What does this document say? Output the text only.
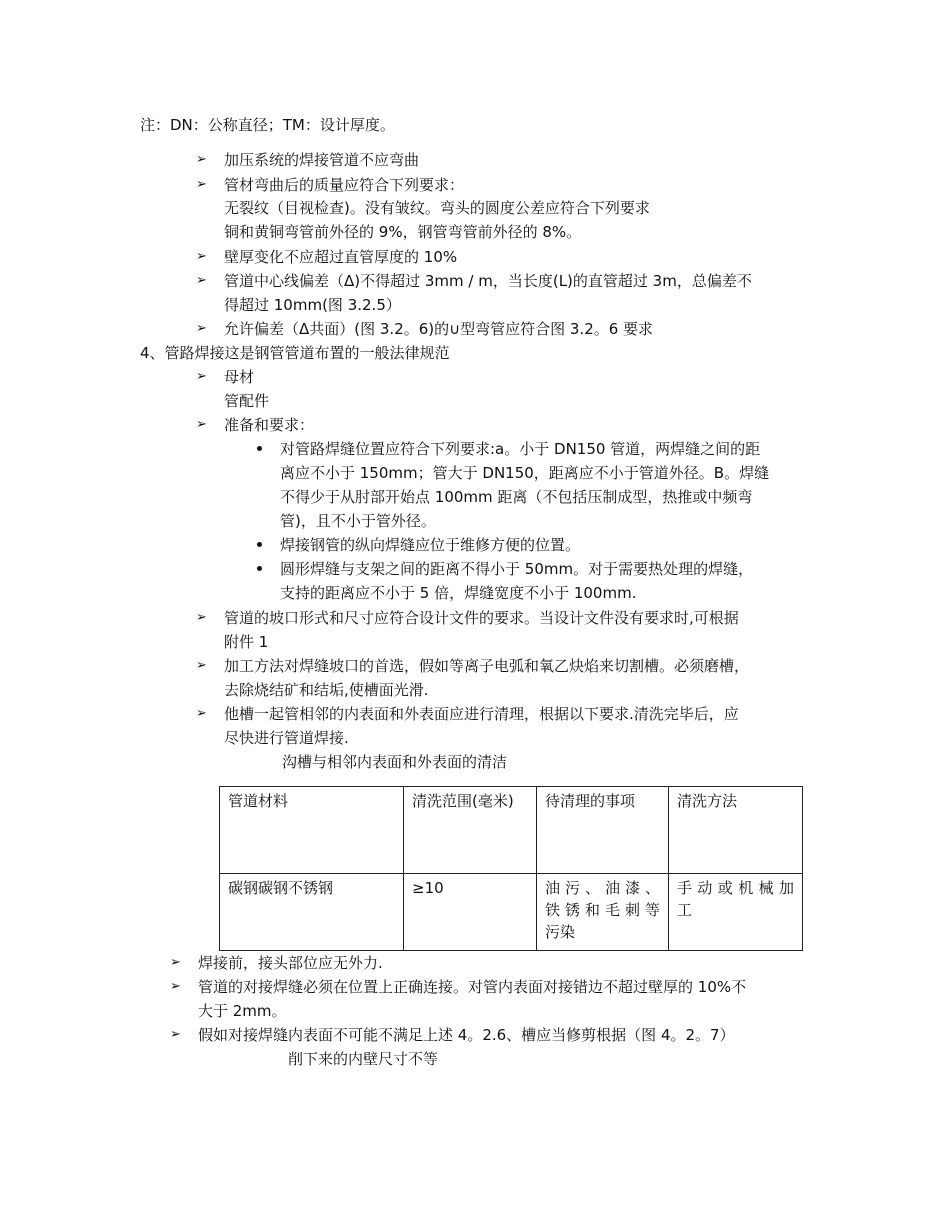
注：DN：公称直径；TM：设计厚度。
➢ 加压系统的焊接管道不应弯曲
➢ 管材弯曲后的质量应符合下列要求：
无裂纹（目视检查)。没有皱纹。弯头的圆度公差应符合下列要求
铜和黄铜弯管前外径的 9%，钢管弯管前外径的 8%。
➢ 壁厚变化不应超过直管厚度的 10%
➢ 管道中心线偏差（Δ)不得超过 3mm / m，当长度(L)的直管超过 3m，总偏差不
得超过 10mm(图 3.2.5）
➢ 允许偏差（Δ共面）(图 3.2。6)的∪型弯管应符合图 3.2。6 要求
4、管路焊接这是钢管管道布置的一般法律规范
➢ 母材
管配件
➢ 准备和要求：
对管路焊缝位置应符合下列要求:a。小于 DN150 管道，两焊缝之间的距
离应不小于 150mm；管大于 DN150，距离应不小于管道外径。B。焊缝
不得少于从肘部开始点 100mm 距离（不包括压制成型，热推或中频弯
管)，且不小于管外径。
焊接钢管的纵向焊缝应位于维修方便的位置。
圆形焊缝与支架之间的距离不得小于 50mm。对于需要热处理的焊缝，
支持的距离应不小于 5 倍，焊缝宽度不小于 100mm.
➢ 管道的坡口形式和尺寸应符合设计文件的要求。当设计文件没有要求时,可根据
附件 1
➢ 加工方法对焊缝坡口的首选，假如等离子电弧和氧乙炔焰来切割槽。必须磨槽，
去除烧结矿和结垢,使槽面光滑.
➢ 他槽一起管相邻的内表面和外表面应进行清理，根据以下要求.清洗完毕后，应
尽快进行管道焊接.
沟槽与相邻内表面和外表面的清洁
管道材料	清洗范围(毫米)	待清理的事项	清洗方法
碳钢碳钢不锈钢	≥10	油污、油漆、
铁锈和毛刺等
污染	手动或机械加
工
➢ 焊接前，接头部位应无外力.
➢ 管道的对接焊缝必须在位置上正确连接。对管内表面对接错边不超过壁厚的 10%不
大于 2mm。
➢ 假如对接焊缝内表面不可能不满足上述 4。2.6、槽应当修剪根据（图 4。2。7）
削下来的内壁尺寸不等
